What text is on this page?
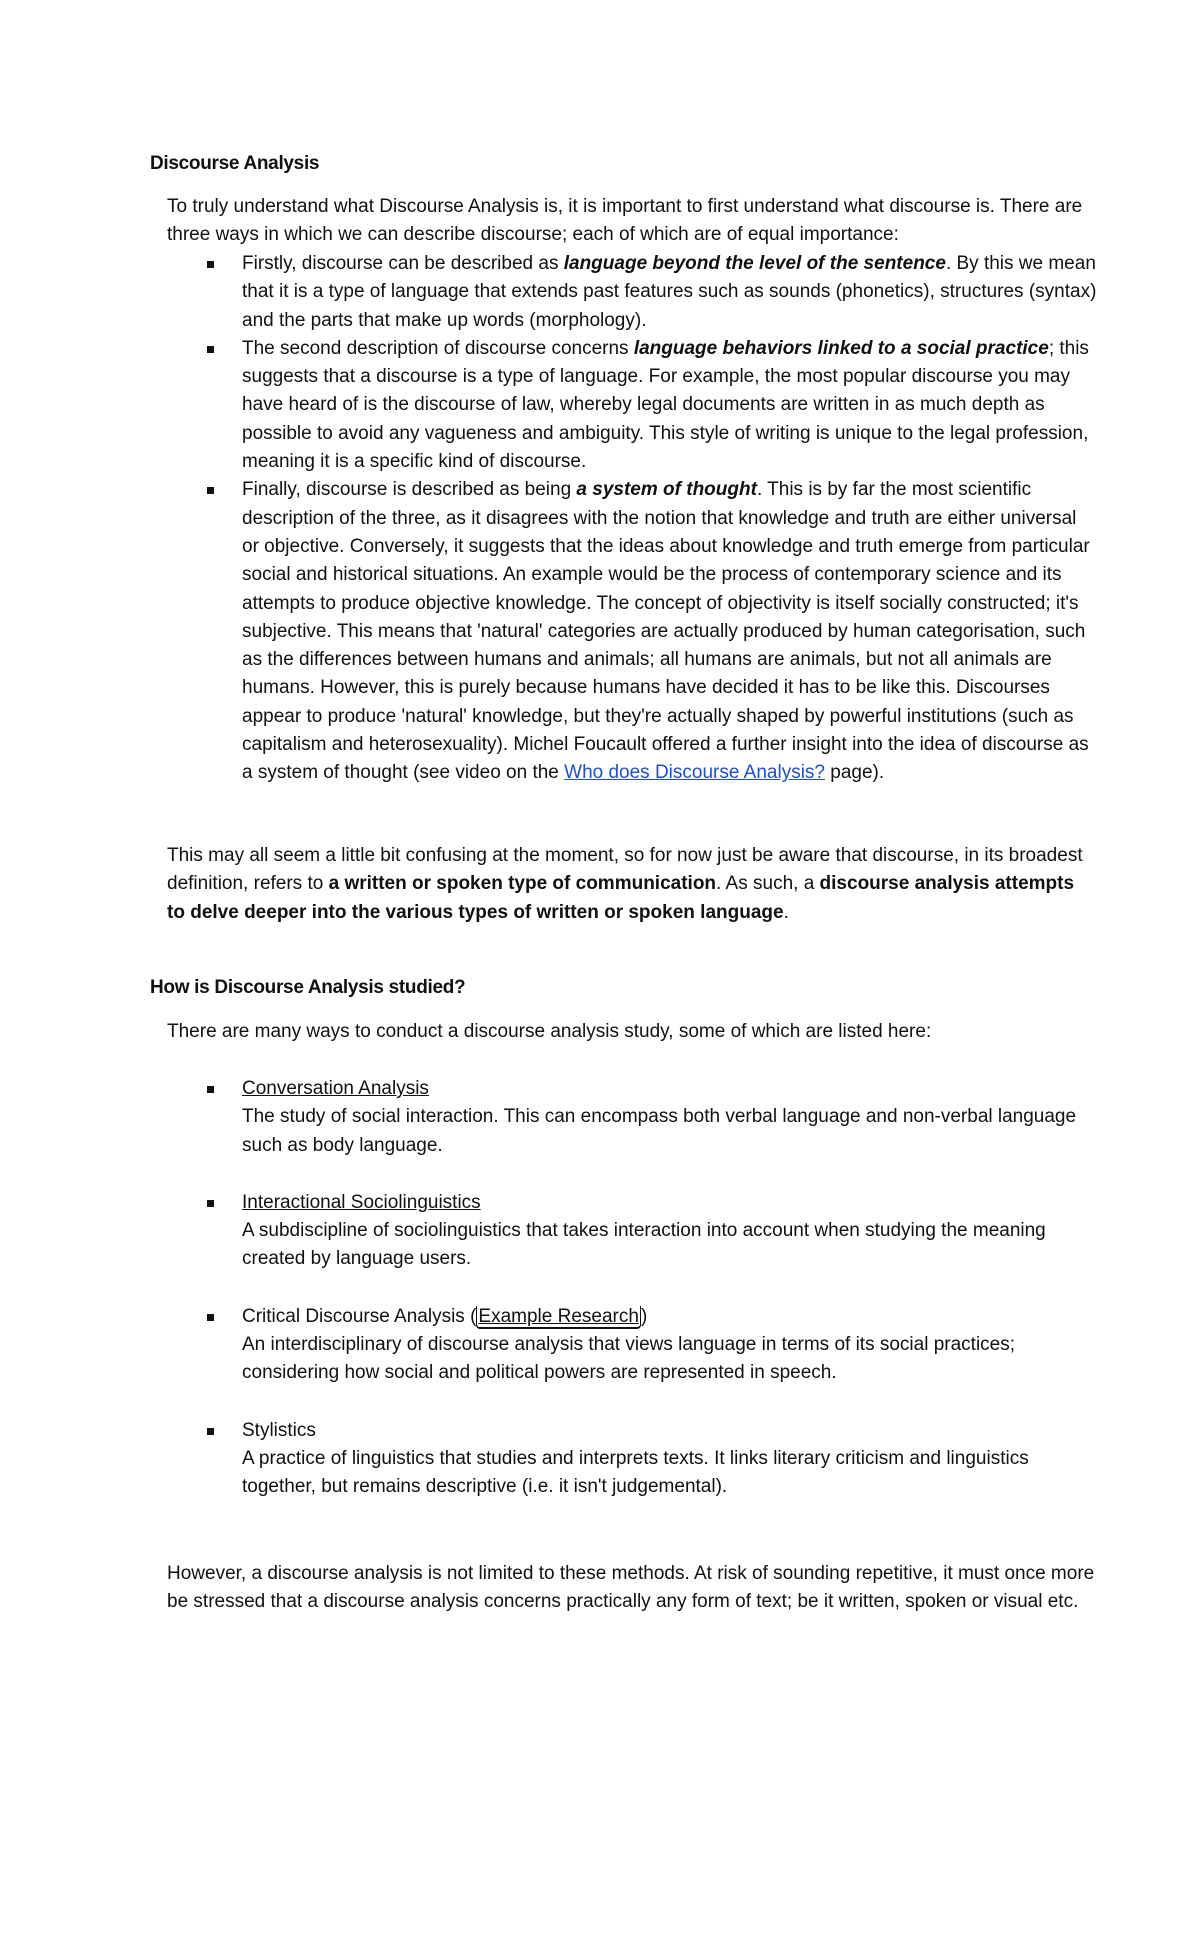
Discourse Analysis
To truly understand what Discourse Analysis is, it is important to first understand what discourse is. There are three ways in which we can describe discourse; each of which are of equal importance:
Firstly, discourse can be described as language beyond the level of the sentence. By this we mean that it is a type of language that extends past features such as sounds (phonetics), structures (syntax) and the parts that make up words (morphology).
The second description of discourse concerns language behaviors linked to a social practice; this suggests that a discourse is a type of language. For example, the most popular discourse you may have heard of is the discourse of law, whereby legal documents are written in as much depth as possible to avoid any vagueness and ambiguity. This style of writing is unique to the legal profession, meaning it is a specific kind of discourse.
Finally, discourse is described as being a system of thought. This is by far the most scientific description of the three, as it disagrees with the notion that knowledge and truth are either universal or objective. Conversely, it suggests that the ideas about knowledge and truth emerge from particular social and historical situations. An example would be the process of contemporary science and its attempts to produce objective knowledge. The concept of objectivity is itself socially constructed; it's subjective. This means that 'natural' categories are actually produced by human categorisation, such as the differences between humans and animals; all humans are animals, but not all animals are humans. However, this is purely because humans have decided it has to be like this. Discourses appear to produce 'natural' knowledge, but they're actually shaped by powerful institutions (such as capitalism and heterosexuality). Michel Foucault offered a further insight into the idea of discourse as a system of thought (see video on the Who does Discourse Analysis? page).
This may all seem a little bit confusing at the moment, so for now just be aware that discourse, in its broadest definition, refers to a written or spoken type of communication. As such, a discourse analysis attempts to delve deeper into the various types of written or spoken language.
How is Discourse Analysis studied?
There are many ways to conduct a discourse analysis study, some of which are listed here:
Conversation Analysis
The study of social interaction. This can encompass both verbal language and non-verbal language such as body language.
Interactional Sociolinguistics
A subdiscipline of sociolinguistics that takes interaction into account when studying the meaning created by language users.
Critical Discourse Analysis ( Example Research )
An interdisciplinary of discourse analysis that views language in terms of its social practices; considering how social and political powers are represented in speech.
Stylistics
A practice of linguistics that studies and interprets texts. It links literary criticism and linguistics together, but remains descriptive (i.e. it isn't judgemental).
However, a discourse analysis is not limited to these methods. At risk of sounding repetitive, it must once more be stressed that a discourse analysis concerns practically any form of text; be it written, spoken or visual etc.
